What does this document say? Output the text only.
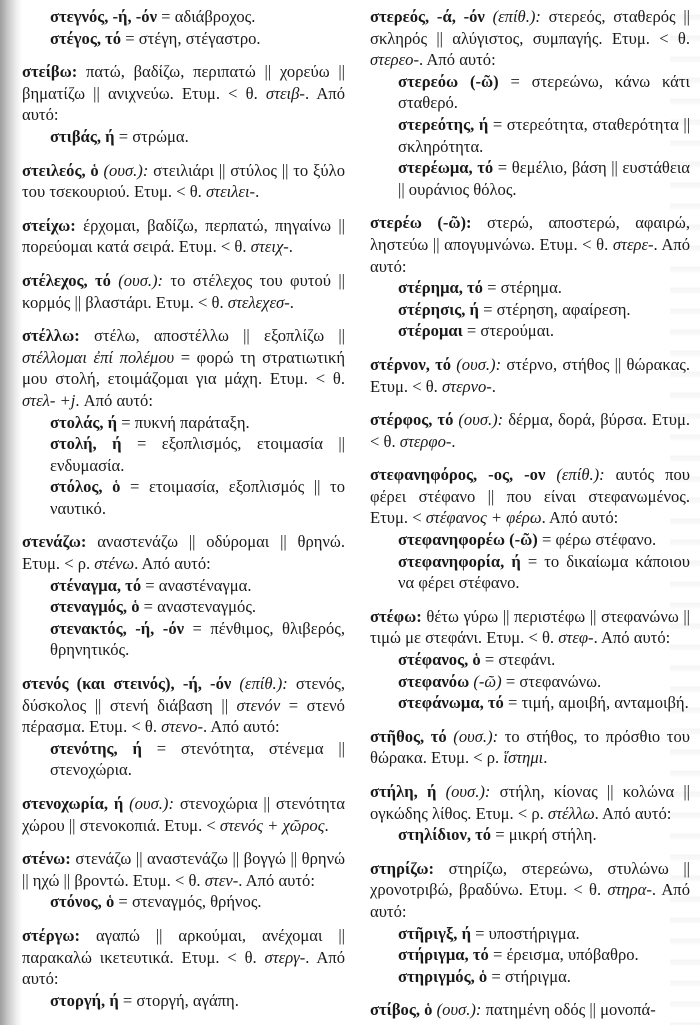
στεγνός, -ή, -όν = αδιάβροχος.

στέγος, τό = στέγη, στέγαστρο.

στείβω: πατώ, βαδίζω, περιπατώ || χορεύω || βηματίζω || ανιχνεύω. Ετυμ. < θ. στειβ-. Από αυτό:

στιβάς, ή = στρώμα.

στειλεός, ὁ (ουσ.): στειλιάρι || στύλος || το ξύλο του τσεκουριού. Ετυμ. < θ. στειλει-.

στείχω: έρχομαι, βαδίζω, περπατώ, πηγαίνω || πορεύομαι κατά σειρά. Ετυμ. < θ. στειχ-.

στέλεχος, τό (ουσ.): το στέλεχος του φυτού || κορμός || βλαστάρι. Ετυμ. < θ. στελεχεσ-.

στέλλω: στέλω, αποστέλλω || εξοπλίζω || στέλλομαι ἐπί πολέμου = φορώ τη στρατιωτική μου στολή, ετοιμάζομαι για μάχη. Ετυμ. < θ. στελ- +j. Από αυτό:

στολάς, ή = πυκνή παράταξη.

στολή, ή = εξοπλισμός, ετοιμασία || ενδυμασία.

στόλος, ὁ = ετοιμασία, εξοπλισμός || το ναυτικό.

στενάζω: αναστενάζω || οδύρομαι || θρηνώ. Ετυμ. < ρ. στένω. Από αυτό:

στέναγμα, τό = αναστέναγμα.

στεναγμός, ὁ = αναστεναγμός.

στενακτός, -ή, -όν = πένθιμος, θλιβερός, θρηνητικός.

στενός (και στεινός), -ή, -όν (επίθ.): στενός, δύσκολος || στενή διάβαση || στενόν = στενό πέρασμα. Ετυμ. < θ. στενο-. Από αυτό:

στενότης, ή = στενότητα, στένεμα || στενοχώρια.

στενοχωρία, ή (ουσ.): στενοχώρια || στενότητα χώρου || στενοκοπιά. Ετυμ. < στενός + χῶρος.

στένω: στενάζω || αναστενάζω || βογγώ || θρηνώ || ηχώ || βροντώ. Ετυμ. < θ. στεν-. Από αυτό:

στόνος, ὁ = στεναγμός, θρήνος.

στέργω: αγαπώ || αρκούμαι, ανέχομαι || παρακαλώ ικετευτικά. Ετυμ. < θ. στεργ-. Από αυτό:

στοργή, ή = στοργή, αγάπη.

στερεός, -ά, -όν (επίθ.): στερεός, σταθερός || σκληρός || αλύγιστος, συμπαγής. Ετυμ. < θ. στερεο-. Από αυτό:

στερεόω (-ῶ) = στερεώνω, κάνω κάτι σταθερό.

στερεότης, ή = στερεότητα, σταθερότητα || σκληρότητα.

στερέωμα, τό = θεμέλιο, βάση || ευστάθεια || ουράνιος θόλος.

στερέω (-ῶ): στερώ, αποστερώ, αφαιρώ, ληστεύω || απογυμνώνω. Ετυμ. < θ. στερε-. Από αυτό:

στέρημα, τό = στέρημα.

στέρησις, ή = στέρηση, αφαίρεση.

στέρομαι = στερούμαι.

στέρνον, τό (ουσ.): στέρνο, στήθος || θώρακας. Ετυμ. < θ. στερνο-.

στέρφος, τό (ουσ.): δέρμα, δορά, βύρσα. Ετυμ. < θ. στερφο-.

στεφανηφόρος, -ος, -ον (επίθ.): αυτός που φέρει στέφανο || που είναι στεφανωμένος. Ετυμ. < στέφανος + φέρω. Από αυτό:

στεφανηφορέω (-ῶ) = φέρω στέφανο.

στεφανηφορία, ή = το δικαίωμα κάποιου να φέρει στέφανο.

στέφω: θέτω γύρω || περιστέφω || στεφανώνω || τιμώ με στεφάνι. Ετυμ. < θ. στεφ-. Από αυτό:

στέφανος, ὁ = στεφάνι.

στεφανόω (-ῶ) = στεφανώνω.

στεφάνωμα, τό = τιμή, αμοιβή, ανταμοιβή.

στῆθος, τό (ουσ.): το στήθος, το πρόσθιο του θώρακα. Ετυμ. < ρ. ἵστημι.

στήλη, ή (ουσ.): στήλη, κίονας || κολώνα || ογκώδης λίθος. Ετυμ. < ρ. στέλλω. Από αυτό:

στηλίδιον, τό = μικρή στήλη.

στηρίζω: στηρίζω, στερεώνω, στυλώνω || χρονοτριβώ, βραδύνω. Ετυμ. < θ. στηρα-. Από αυτό:

στῆριγξ, ή = υποστήριγμα.

στήριγμα, τό = έρεισμα, υπόβαθρο.

στηριγμός, ὁ = στήριγμα.

στίβος, ὁ (ουσ.): πατημένη οδός || μονοπά-
